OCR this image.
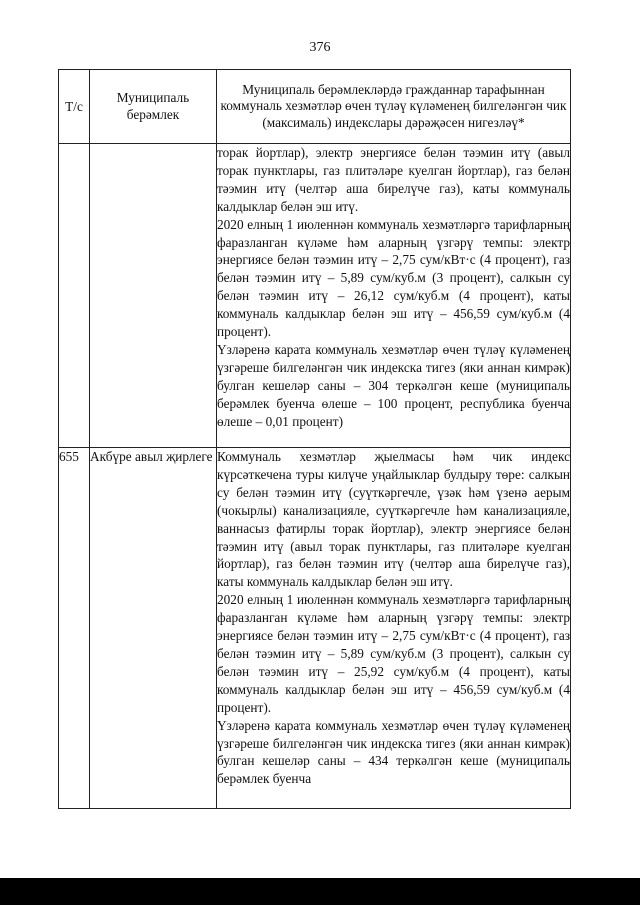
376
Т/с	Муниципаль берәмлек	Муниципаль берәмлекләрдә гражданнар тарафыннан коммуналь хезмәтләр өчен түләү күләменең билгеләнгән чик (максималь) индекслары дәрәҗәсен нигезләү*

		торак йортлар), электр энергиясе белән тәэмин итү (авыл торак пунктлары, газ плитәләре куелган йортлар), газ белән тәэмин итү (челтәр аша бирелүче газ), каты коммуналь калдыклар белән эш итү.

2020 елның 1 июленнән коммуналь хезмәтләргә тарифларның фаразланган күләме һәм аларның үзгәрү темпы: электр энергиясе белән тәэмин итү – 2,75 сум/кВт·с (4 процент), газ белән тәэмин итү – 5,89 сум/куб.м (3 процент), салкын су белән тәэмин итү – 26,12 сум/куб.м (4 процент), каты коммуналь калдыклар белән эш итү – 456,59 сум/куб.м (4 процент).

Үзләренә карата коммуналь хезмәтләр өчен түләү күләменең үзгәреше билгеләнгән чик индекска тигез (яки аннан кимрәк) булган кешеләр саны – 304 теркәлгән кеше (муниципаль берәмлек буенча өлеше – 100 процент, республика буенча өлеше – 0,01 процент)

655	Акбүре авыл җирлеге	Коммуналь хезмәтләр җыелмасы һәм чик индекс күрсәткечена туры килүче уңайлыклар булдыру төре: салкын су белән тәэмин итү (суүткәргечле, үзәк һәм үзенә аерым (чокырлы) канализацияле, суүткәргечле һәм канализацияле, ваннасыз фатирлы торак йортлар), электр энергиясе белән тәэмин итү (авыл торак пунктлары, газ плитәләре куелган йортлар), газ белән тәэмин итү (челтәр аша бирелүче газ), каты коммуналь калдыклар белән эш итү.

2020 елның 1 июленнән коммуналь хезмәтләргә тарифларның фаразланган күләме һәм аларның үзгәрү темпы: электр энергиясе белән тәэмин итү – 2,75 сум/кВт·с (4 процент), газ белән тәэмин итү – 5,89 сум/куб.м (3 процент), салкын су белән тәэмин итү – 25,92 сум/куб.м (4 процент), каты коммуналь калдыклар белән эш итү – 456,59 сум/куб.м (4 процент).

Үзләренә карата коммуналь хезмәтләр өчен түләү күләменең үзгәреше билгеләнгән чик индекска тигез (яки аннан кимрәк) булган кешеләр саны – 434 теркәлгән кеше (муниципаль берәмлек буенча
